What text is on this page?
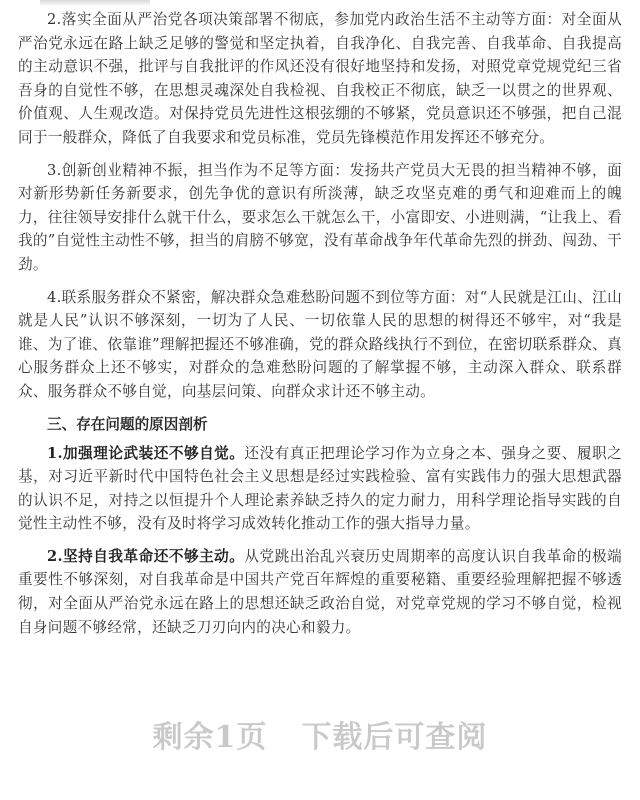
2.落实全面从严治党各项决策部署不彻底，参加党内政治生活不主动等方面：对全面从严治党永远在路上缺乏足够的警觉和坚定执着，自我净化、自我完善、自我革命、自我提高的主动意识不强，批评与自我批评的作风还没有很好地坚持和发扬，对照党章党规党纪三省吾身的自觉性不够，在思想灵魂深处自我检视、自我校正不彻底，缺乏一以贯之的世界观、价值观、人生观改造。对保持党员先进性这根弦绷的不够紧，党员意识还不够强，把自己混同于一般群众，降低了自我要求和党员标准，党员先锋模范作用发挥还不够充分。

3.创新创业精神不振，担当作为不足等方面：发扬共产党员大无畏的担当精神不够，面对新形势新任务新要求，创先争优的意识有所淡薄，缺乏攻坚克难的勇气和迎难而上的魄力，往往领导安排什么就干什么，要求怎么干就怎么干，小富即安、小进则满，“让我上、看我的”自觉性主动性不够，担当的肩膀不够宽，没有革命战争年代革命先烈的拼劲、闯劲、干劲。

4.联系服务群众不紧密，解决群众急难愁盼问题不到位等方面：对“人民就是江山、江山就是人民”认识不够深刻，一切为了人民、一切依靠人民的思想的树得还不够牢，对“我是谁、为了谁、依靠谁”理解把握还不够准确，党的群众路线执行不到位，在密切联系群众、真心服务群众上还不够实，对群众的急难愁盼问题的了解掌握不够，主动深入群众、联系群众、服务群众不够自觉，向基层问策、向群众求计还不够主动。

三、存在问题的原因剖析

1.加强理论武装还不够自觉。还没有真正把理论学习作为立身之本、强身之要、履职之基，对习近平新时代中国特色社会主义思想是经过实践检验、富有实践伟力的强大思想武器的认识不足，对持之以恒提升个人理论素养缺乏持久的定力耐力，用科学理论指导实践的自觉性主动性不够，没有及时将学习成效转化推动工作的强大指导力量。

2.坚持自我革命还不够主动。从党跳出治乱兴衰历史周期率的高度认识自我革命的极端重要性不够深刻，对自我革命是中国共产党百年辉煌的重要秘籍、重要经验理解把握不够透彻，对全面从严治党永远在路上的思想还缺乏政治自觉，对党章党规的学习不够自觉，检视自身问题不够经常，还缺乏刀刃向内的决心和毅力。

剩余1页 下载后可查阅
